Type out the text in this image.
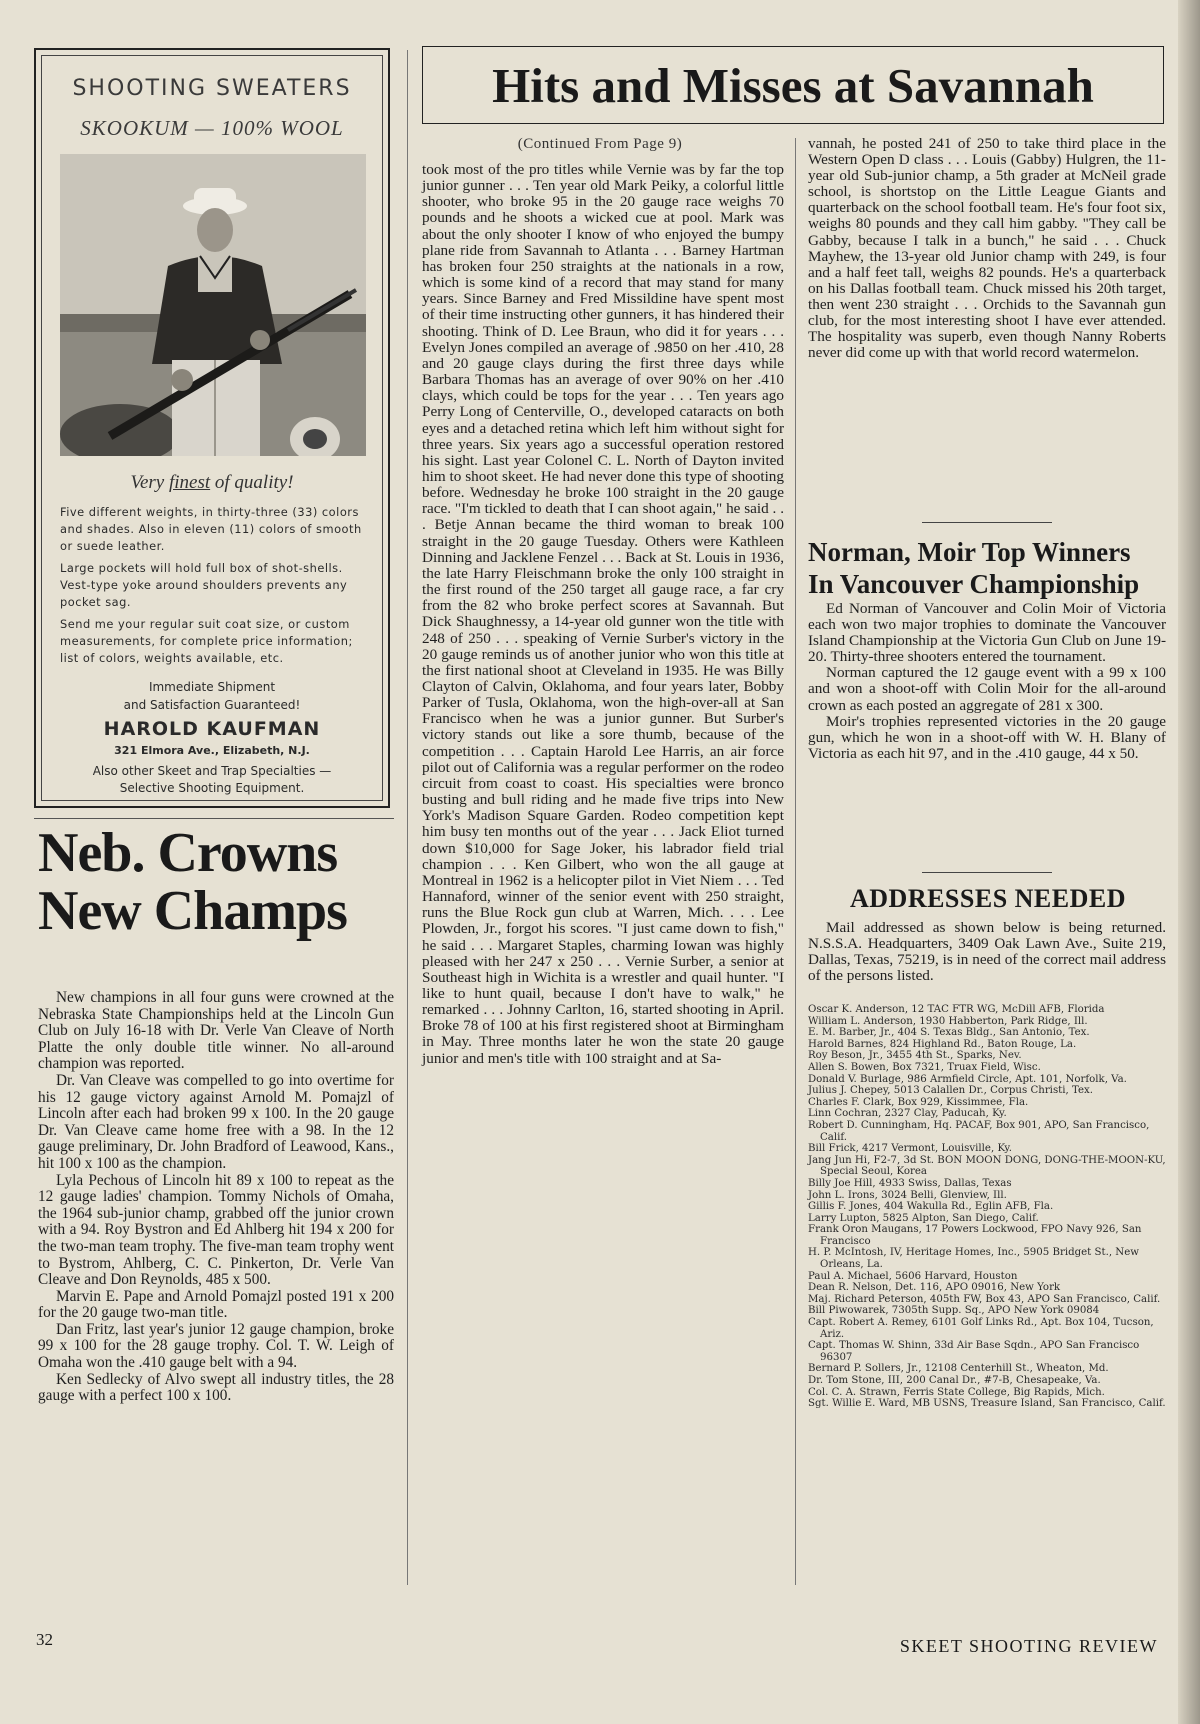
SHOOTING SWEATERS
SKOOKUM — 100% WOOL
Very finest of quality!
Five different weights, in thirty-three (33) colors and shades. Also in eleven (11) colors of smooth or suede leather.
Large pockets will hold full box of shot-shells. Vest-type yoke around shoulders prevents any pocket sag.
Send me your regular suit coat size, or custom measurements, for complete price information; list of colors, weights available, etc.
Immediate Shipment
and Satisfaction Guaranteed!
HAROLD KAUFMAN
321 Elmora Ave., Elizabeth, N.J.
Also other Skeet and Trap Specialties —
Selective Shooting Equipment.
Neb. Crowns
New Champs

New champions in all four guns were crowned at the Nebraska State Championships held at the Lincoln Gun Club on July 16-18 with Dr. Verle Van Cleave of North Platte the only double title winner. No all-around champion was reported.

Dr. Van Cleave was compelled to go into overtime for his 12 gauge victory against Arnold M. Pomajzl of Lincoln after each had broken 99 x 100. In the 20 gauge Dr. Van Cleave came home free with a 98. In the 12 gauge preliminary, Dr. John Bradford of Leawood, Kans., hit 100 x 100 as the champion.

Lyla Pechous of Lincoln hit 89 x 100 to repeat as the 12 gauge ladies' champion. Tommy Nichols of Omaha, the 1964 sub-junior champ, grabbed off the junior crown with a 94. Roy Bystron and Ed Ahlberg hit 194 x 200 for the two-man team trophy. The five-man team trophy went to Bystrom, Ahlberg, C. C. Pinkerton, Dr. Verle Van Cleave and Don Reynolds, 485 x 500.

Marvin E. Pape and Arnold Pomajzl posted 191 x 200 for the 20 gauge two-man title.

Dan Fritz, last year's junior 12 gauge champion, broke 99 x 100 for the 28 gauge trophy. Col. T. W. Leigh of Omaha won the .410 gauge belt with a 94.

Ken Sedlecky of Alvo swept all industry titles, the 28 gauge with a perfect 100 x 100.

Hits and Misses at Savannah
(Continued From Page 9)

took most of the pro titles while Vernie was by far the top junior gunner . . . Ten year old Mark Peiky, a colorful little shooter, who broke 95 in the 20 gauge race weighs 70 pounds and he shoots a wicked cue at pool. Mark was about the only shooter I know of who enjoyed the bumpy plane ride from Savannah to Atlanta . . . Barney Hartman has broken four 250 straights at the nationals in a row, which is some kind of a record that may stand for many years. Since Barney and Fred Missildine have spent most of their time instructing other gunners, it has hindered their shooting. Think of D. Lee Braun, who did it for years . . . Evelyn Jones compiled an average of .9850 on her .410, 28 and 20 gauge clays during the first three days while Barbara Thomas has an average of over 90% on her .410 clays, which could be tops for the year . . . Ten years ago Perry Long of Centerville, O., developed cataracts on both eyes and a detached retina which left him without sight for three years. Six years ago a successful operation restored his sight. Last year Colonel C. L. North of Dayton invited him to shoot skeet. He had never done this type of shooting before. Wednesday he broke 100 straight in the 20 gauge race. "I'm tickled to death that I can shoot again," he said . . . Betje Annan became the third woman to break 100 straight in the 20 gauge Tuesday. Others were Kathleen Dinning and Jacklene Fenzel . . . Back at St. Louis in 1936, the late Harry Fleischmann broke the only 100 straight in the first round of the 250 target all gauge race, a far cry from the 82 who broke perfect scores at Savannah. But Dick Shaughnessy, a 14-year old gunner won the title with 248 of 250 . . . speaking of Vernie Surber's victory in the 20 gauge reminds us of another junior who won this title at the first national shoot at Cleveland in 1935. He was Billy Clayton of Calvin, Oklahoma, and four years later, Bobby Parker of Tusla, Oklahoma, won the high-over-all at San Francisco when he was a junior gunner. But Surber's victory stands out like a sore thumb, because of the competition . . . Captain Harold Lee Harris, an air force pilot out of California was a regular performer on the rodeo circuit from coast to coast. His specialties were bronco busting and bull riding and he made five trips into New York's Madison Square Garden. Rodeo competition kept him busy ten months out of the year . . . Jack Eliot turned down $10,000 for Sage Joker, his labrador field trial champion . . . Ken Gilbert, who won the all gauge at Montreal in 1962 is a helicopter pilot in Viet Niem . . . Ted Hannaford, winner of the senior event with 250 straight, runs the Blue Rock gun club at Warren, Mich. . . . Lee Plowden, Jr., forgot his scores. "I just came down to fish," he said . . . Margaret Staples, charming Iowan was highly pleased with her 247 x 250 . . . Vernie Surber, a senior at Southeast high in Wichita is a wrestler and quail hunter. "I like to hunt quail, because I don't have to walk," he remarked . . . Johnny Carlton, 16, started shooting in April. Broke 78 of 100 at his first registered shoot at Birmingham in May. Three months later he won the state 20 gauge junior and men's title with 100 straight and at Sa-

vannah, he posted 241 of 250 to take third place in the Western Open D class . . . Louis (Gabby) Hulgren, the 11-year old Sub-junior champ, a 5th grader at McNeil grade school, is shortstop on the Little League Giants and quarterback on the school football team. He's four foot six, weighs 80 pounds and they call him gabby. "They call be Gabby, because I talk in a bunch," he said . . . Chuck Mayhew, the 13-year old Junior champ with 249, is four and a half feet tall, weighs 82 pounds. He's a quarterback on his Dallas football team. Chuck missed his 20th target, then went 230 straight . . . Orchids to the Savannah gun club, for the most interesting shoot I have ever attended. The hospitality was superb, even though Nanny Roberts never did come up with that world record watermelon.

Norman, Moir Top Winners
In Vancouver Championship

Ed Norman of Vancouver and Colin Moir of Victoria each won two major trophies to dominate the Vancouver Island Championship at the Victoria Gun Club on June 19-20. Thirty-three shooters entered the tournament.

Norman captured the 12 gauge event with a 99 x 100 and won a shoot-off with Colin Moir for the all-around crown as each posted an aggregate of 281 x 300.

Moir's trophies represented victories in the 20 gauge gun, which he won in a shoot-off with W. H. Blany of Victoria as each hit 97, and in the .410 gauge, 44 x 50.

ADDRESSES NEEDED

Mail addressed as shown below is being returned. N.S.S.A. Headquarters, 3409 Oak Lawn Ave., Suite 219, Dallas, Texas, 75219, is in need of the correct mail address of the persons listed.

Oscar K. Anderson, 12 TAC FTR WG, McDill AFB, Florida
William L. Anderson, 1930 Habberton, Park Ridge, Ill.
E. M. Barber, Jr., 404 S. Texas Bldg., San Antonio, Tex.
Harold Barnes, 824 Highland Rd., Baton Rouge, La.
Roy Beson, Jr., 3455 4th St., Sparks, Nev.
Allen S. Bowen, Box 7321, Truax Field, Wisc.
Donald V. Burlage, 986 Armfield Circle, Apt. 101, Norfolk, Va.
Julius J. Chepey, 5013 Calallen Dr., Corpus Christi, Tex.
Charles F. Clark, Box 929, Kissimmee, Fla.
Linn Cochran, 2327 Clay, Paducah, Ky.
Robert D. Cunningham, Hq. PACAF, Box 901, APO, San Francisco, Calif.
Bill Frick, 4217 Vermont, Louisville, Ky.
Jang Jun Hi, F2-7, 3d St. BON MOON DONG, DONG-THE-MOON-KU, Special Seoul, Korea
Billy Joe Hill, 4933 Swiss, Dallas, Texas
John L. Irons, 3024 Belli, Glenview, Ill.
Gillis F. Jones, 404 Wakulla Rd., Eglin AFB, Fla.
Larry Lupton, 5825 Alpton, San Diego, Calif.
Frank Oron Maugans, 17 Powers Lockwood, FPO Navy 926, San Francisco
H. P. McIntosh, IV, Heritage Homes, Inc., 5905 Bridget St., New Orleans, La.
Paul A. Michael, 5606 Harvard, Houston
Dean R. Nelson, Det. 116, APO 09016, New York
Maj. Richard Peterson, 405th FW, Box 43, APO San Francisco, Calif.
Bill Piwowarek, 7305th Supp. Sq., APO New York 09084
Capt. Robert A. Remey, 6101 Golf Links Rd., Apt. Box 104, Tucson, Ariz.
Capt. Thomas W. Shinn, 33d Air Base Sqdn., APO San Francisco 96307
Bernard P. Sollers, Jr., 12108 Centerhill St., Wheaton, Md.
Dr. Tom Stone, III, 200 Canal Dr., #7-B, Chesapeake, Va.
Col. C. A. Strawn, Ferris State College, Big Rapids, Mich.
Sgt. Willie E. Ward, MB USNS, Treasure Island, San Francisco, Calif.
32	SKEET SHOOTING REVIEW
